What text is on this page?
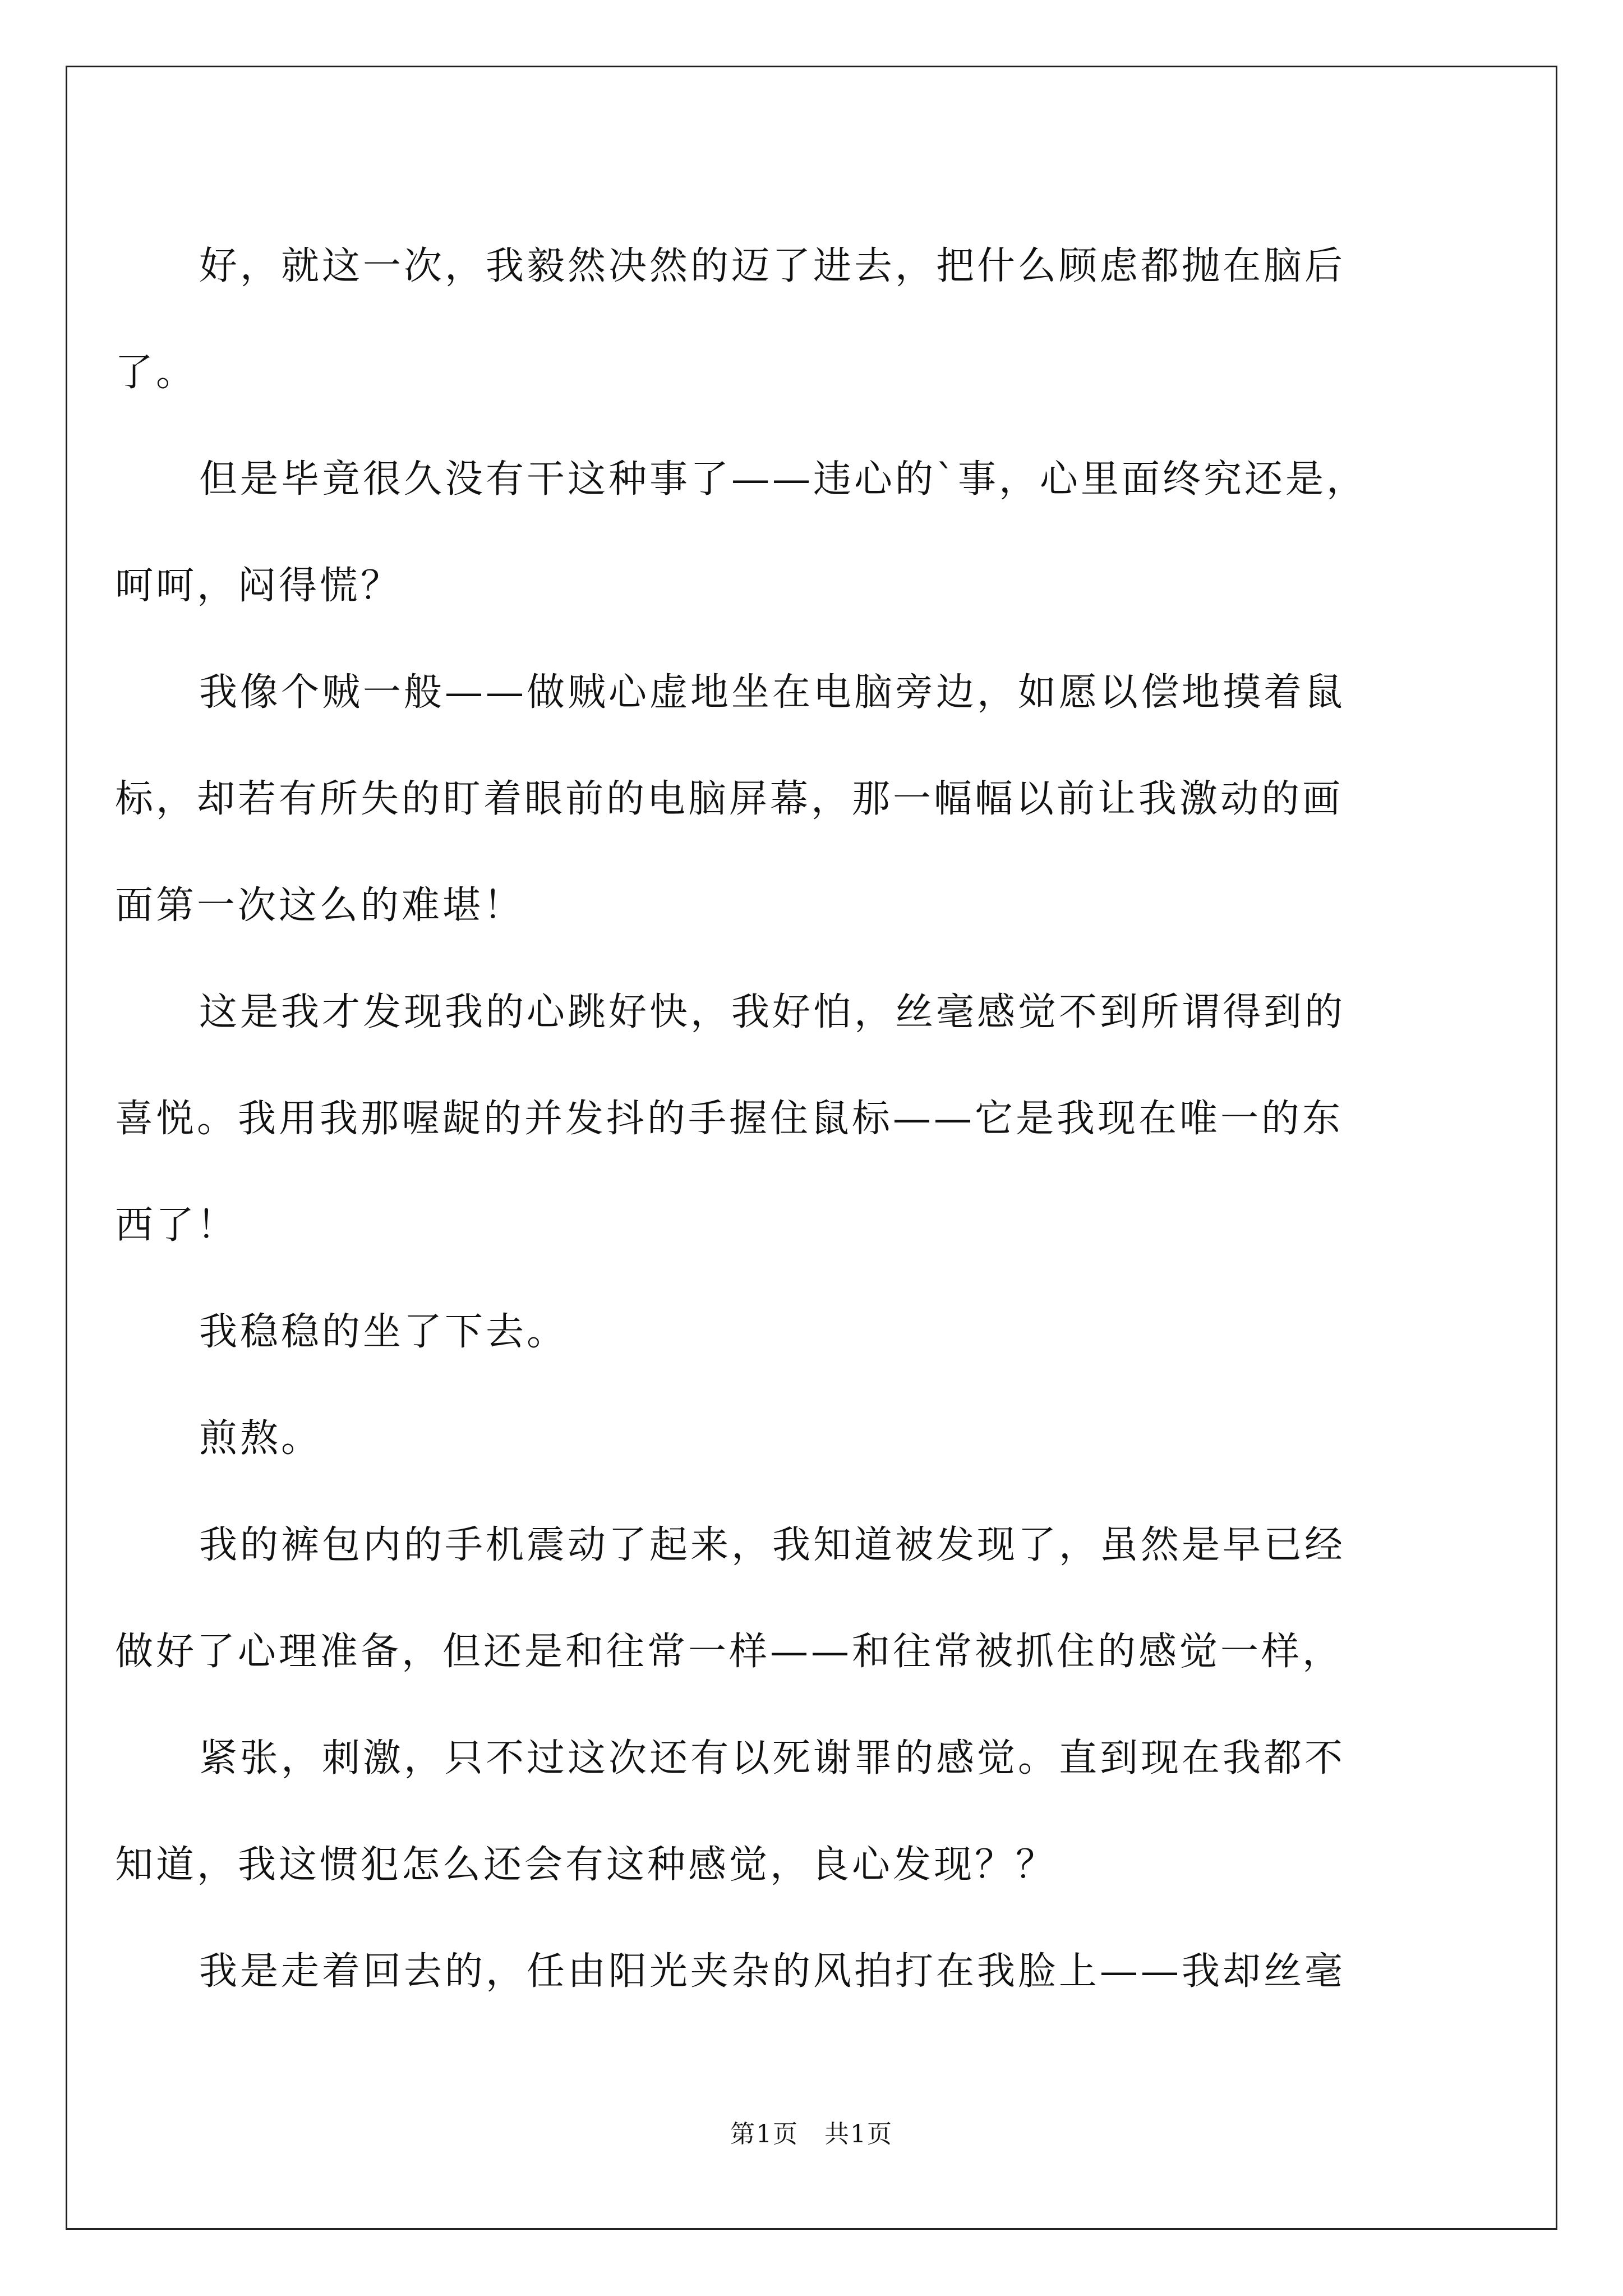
好，就这一次，我毅然决然的迈了进去，把什么顾虑都抛在脑后
了。
但是毕竟很久没有干这种事了——违心的`事，心里面终究还是，
呵呵，闷得慌？
我像个贼一般——做贼心虚地坐在电脑旁边，如愿以偿地摸着鼠
标，却若有所失的盯着眼前的电脑屏幕，那一幅幅以前让我激动的画
面第一次这么的难堪！
这是我才发现我的心跳好快，我好怕，丝毫感觉不到所谓得到的
喜悦。我用我那喔龊的并发抖的手握住鼠标——它是我现在唯一的东
西了！
我稳稳的坐了下去。
煎熬。
我的裤包内的手机震动了起来，我知道被发现了，虽然是早已经
做好了心理准备，但还是和往常一样——和往常被抓住的感觉一样，
紧张，刺激，只不过这次还有以死谢罪的感觉。直到现在我都不
知道，我这惯犯怎么还会有这种感觉，良心发现？？
我是走着回去的，任由阳光夹杂的风拍打在我脸上——我却丝毫
第1页　共1页
